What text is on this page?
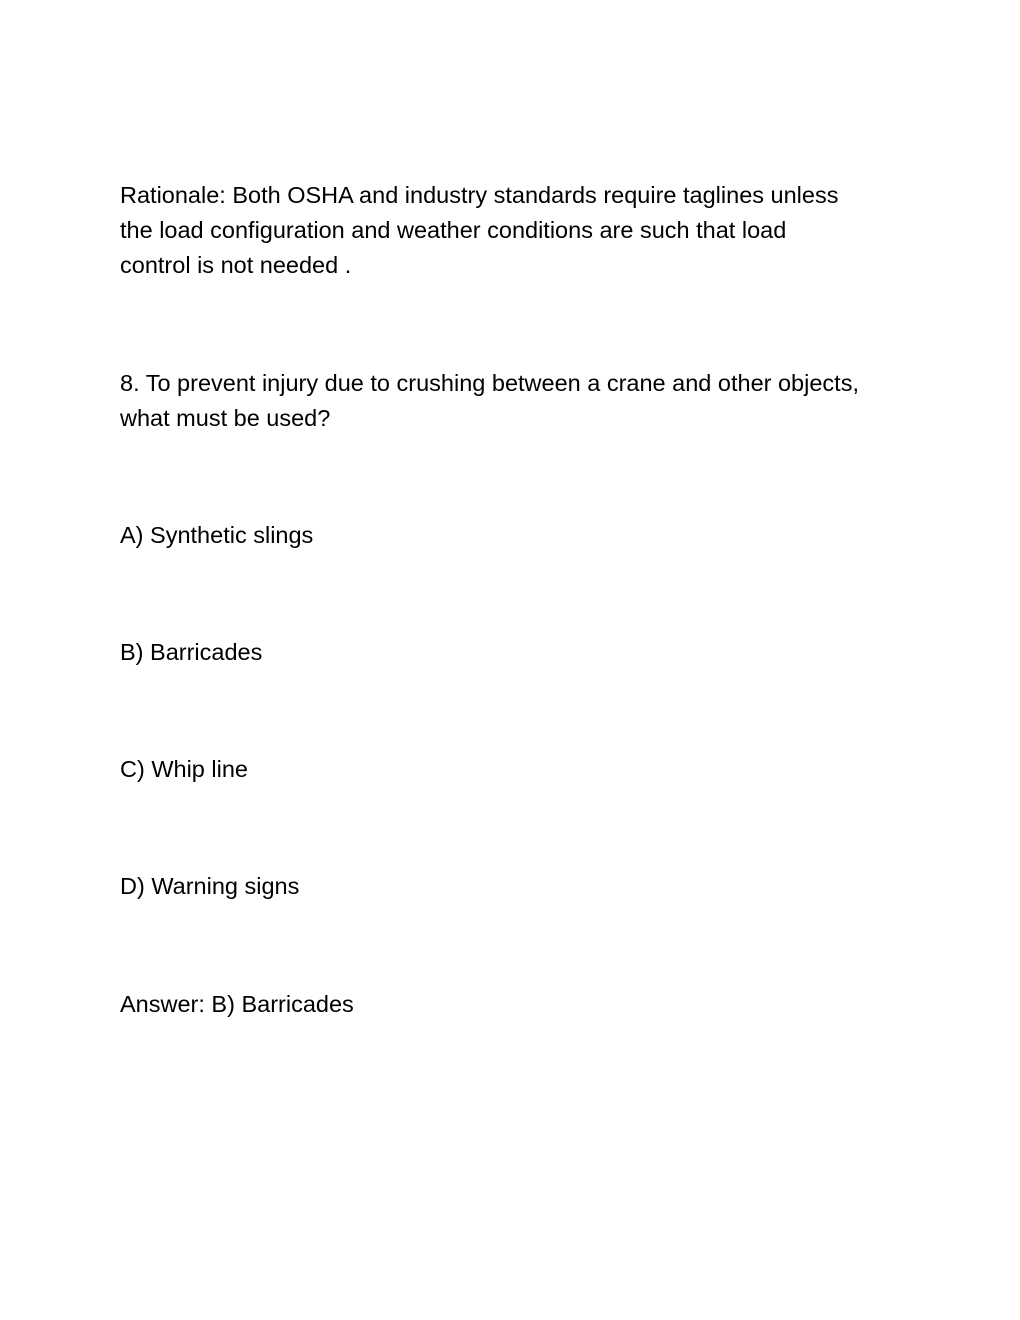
Rationale: Both OSHA and industry standards require taglines unless
the load configuration and weather conditions are such that load
control is not needed .

8. To prevent injury due to crushing between a crane and other objects,
what must be used?

A) Synthetic slings

B) Barricades

C) Whip line

D) Warning signs

Answer: B) Barricades
